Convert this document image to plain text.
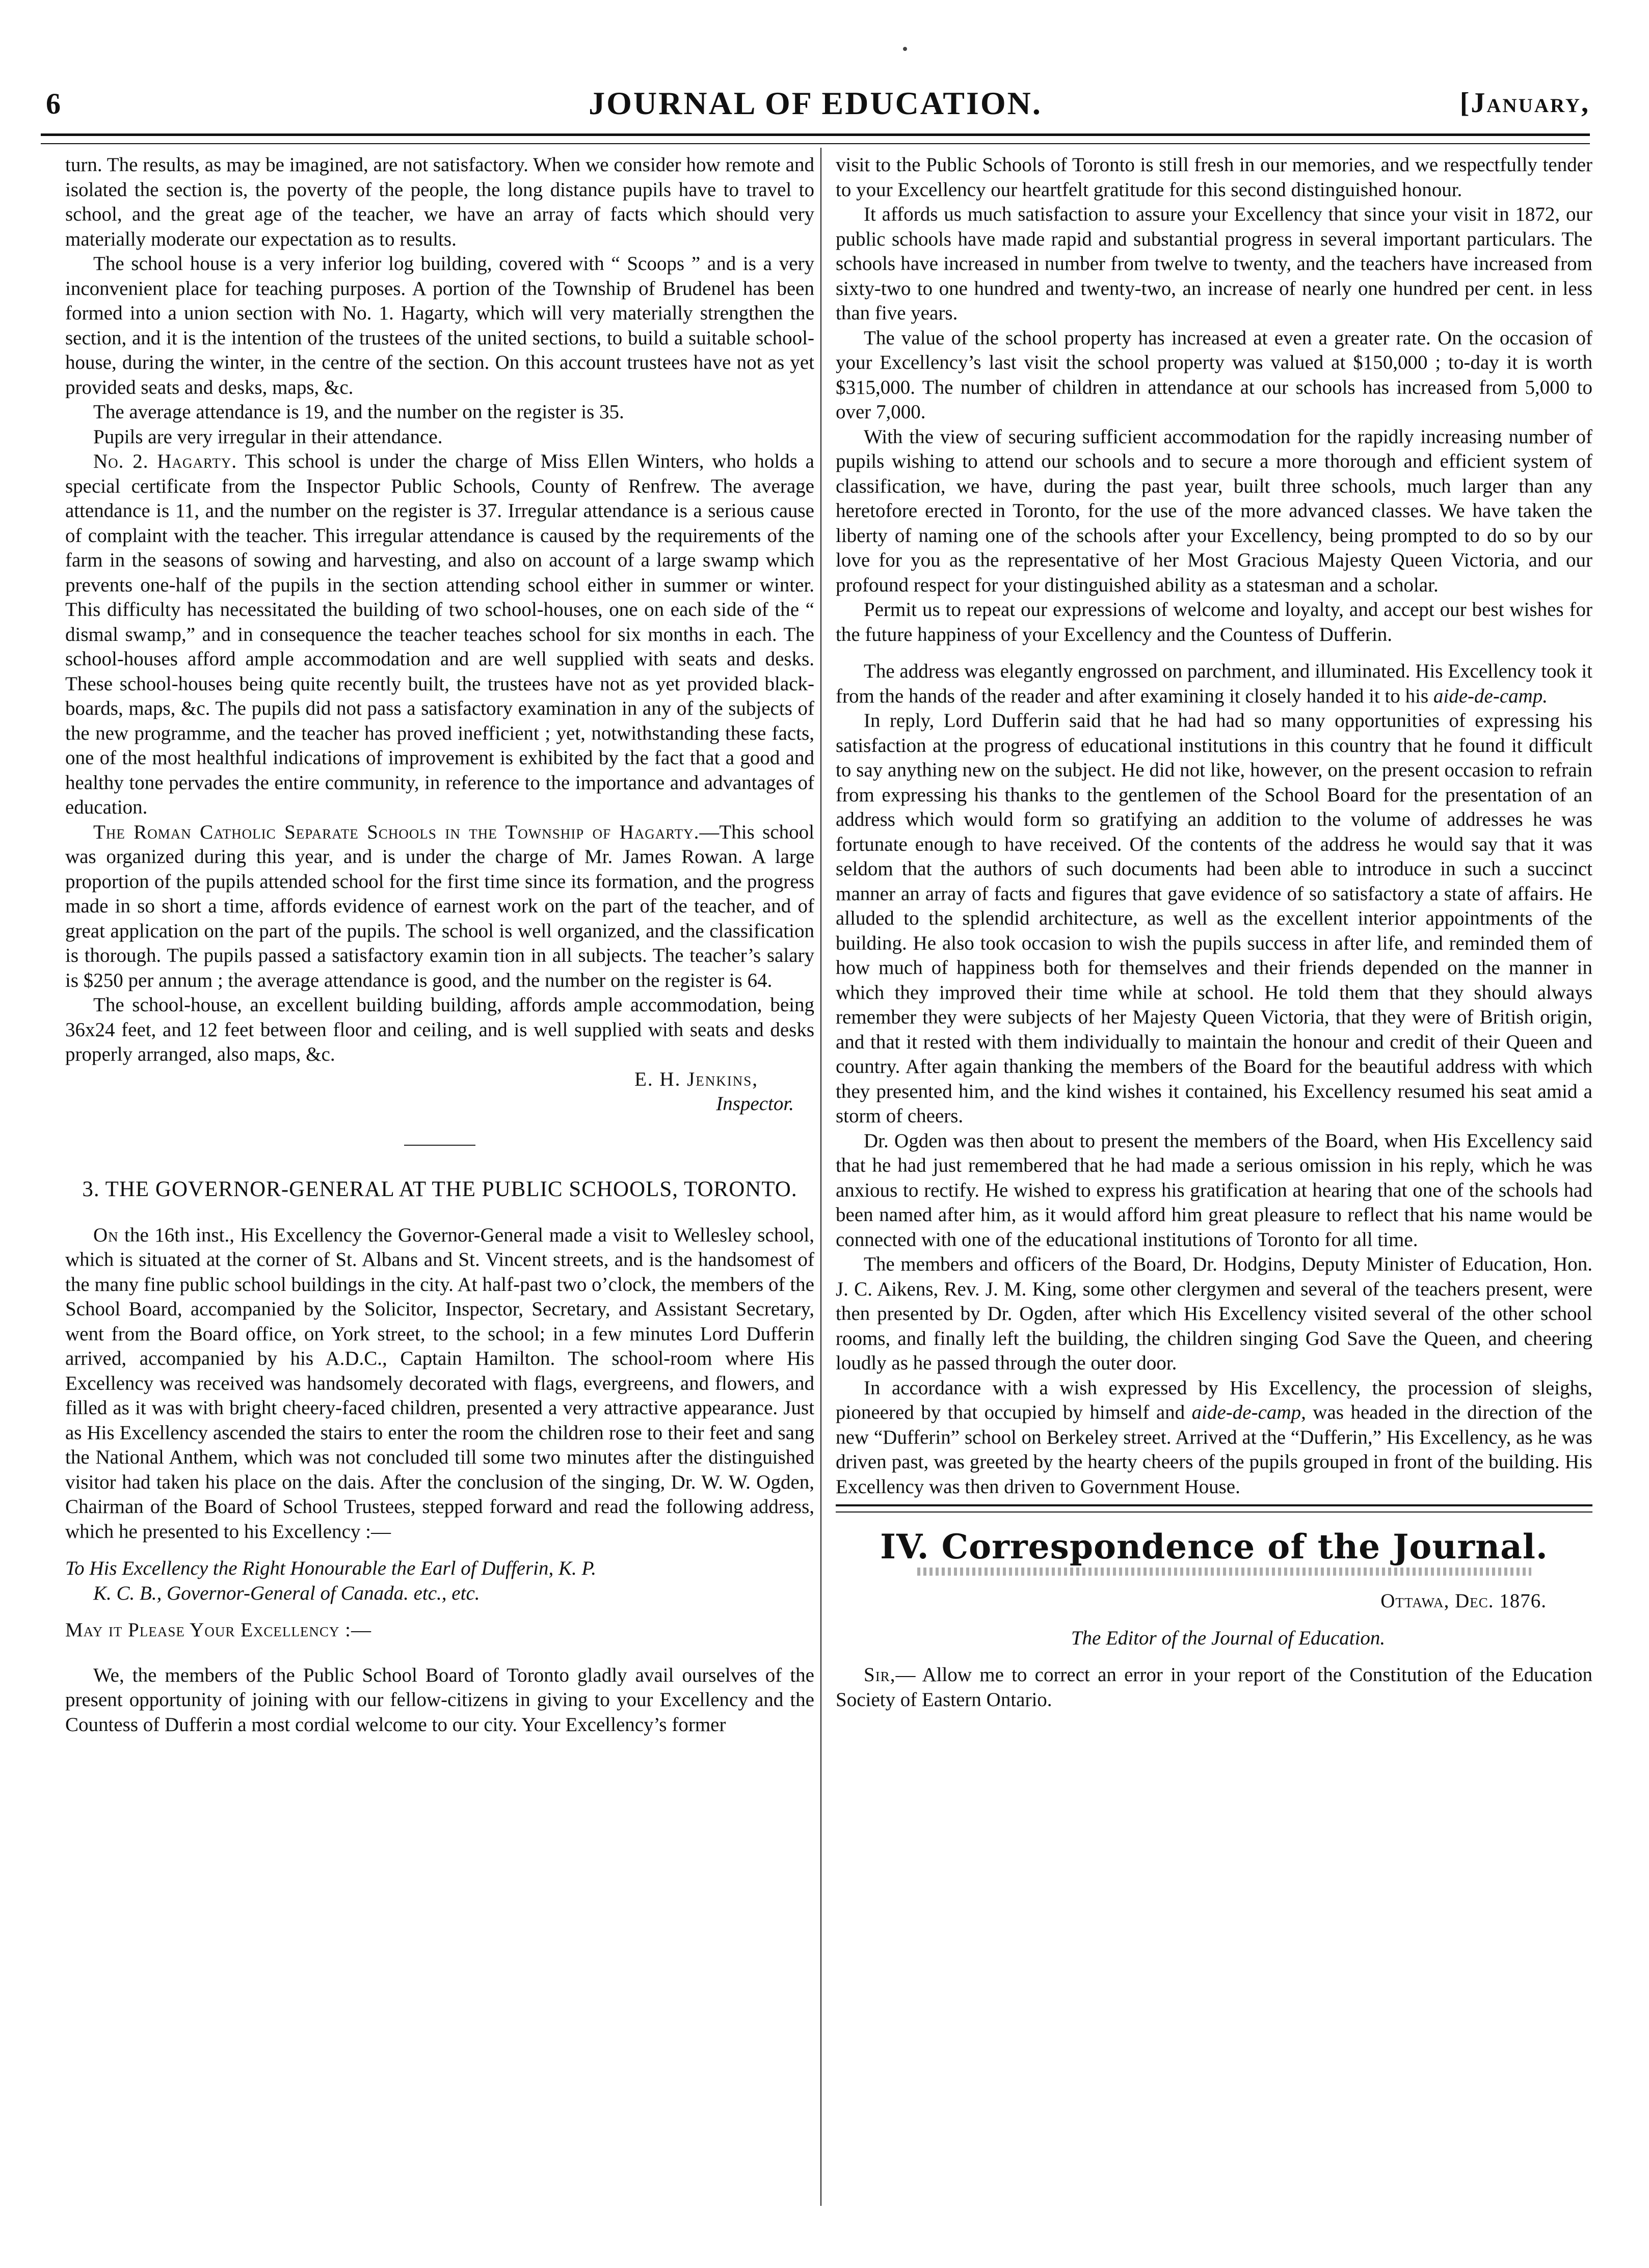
6	JOURNAL OF EDUCATION.	[January,

turn. The results, as may be imagined, are not satisfactory. When we consider how remote and isolated the section is, the poverty of the people, the long distance pupils have to travel to school, and the great age of the teacher, we have an array of facts which should very materially moderate our expectation as to results.

The school house is a very inferior log building, covered with “ Scoops ” and is a very inconvenient place for teaching purposes. A portion of the Township of Brudenel has been formed into a union section with No. 1. Hagarty, which will very materially strengthen the section, and it is the intention of the trustees of the united sections, to build a suitable school-house, during the winter, in the centre of the section. On this account trustees have not as yet provided seats and desks, maps, &c.

The average attendance is 19, and the number on the register is 35.

Pupils are very irregular in their attendance.

No. 2. Hagarty. This school is under the charge of Miss Ellen Winters, who holds a special certificate from the Inspector Public Schools, County of Renfrew. The average attendance is 11, and the number on the register is 37. Irregular attendance is a serious cause of complaint with the teacher. This irregular attendance is caused by the requirements of the farm in the seasons of sowing and harvesting, and also on account of a large swamp which prevents one-half of the pupils in the section attending school either in summer or winter. This difficulty has necessitated the building of two school-houses, one on each side of the “ dismal swamp,” and in consequence the teacher teaches school for six months in each. The school-houses afford ample accommodation and are well supplied with seats and desks. These school-houses being quite recently built, the trustees have not as yet provided black-boards, maps, &c. The pupils did not pass a satisfactory examination in any of the subjects of the new programme, and the teacher has proved inefficient ; yet, notwithstanding these facts, one of the most healthful indications of improvement is exhibited by the fact that a good and healthy tone pervades the entire community, in reference to the importance and advantages of education.

The Roman Catholic Separate Schools in the Township of Hagarty.—This school was organized during this year, and is under the charge of Mr. James Rowan. A large proportion of the pupils attended school for the first time since its formation, and the progress made in so short a time, affords evidence of earnest work on the part of the teacher, and of great application on the part of the pupils. The school is well organized, and the classification is thorough. The pupils passed a satisfactory examin tion in all subjects. The teacher’s salary is $250 per annum ; the average attendance is good, and the number on the register is 64.

The school-house, an excellent building building, affords ample accommodation, being 36x24 feet, and 12 feet between floor and ceiling, and is well supplied with seats and desks properly arranged, also maps, &c.

E. H. Jenkins,
Inspector.
3. THE GOVERNOR-GENERAL AT THE PUBLIC SCHOOLS, TORONTO.

On the 16th inst., His Excellency the Governor-General made a visit to Wellesley school, which is situated at the corner of St. Albans and St. Vincent streets, and is the handsomest of the many fine public school buildings in the city. At half-past two o’clock, the members of the School Board, accompanied by the Solicitor, Inspector, Secretary, and Assistant Secretary, went from the Board office, on York street, to the school; in a few minutes Lord Dufferin arrived, accompanied by his A.D.C., Captain Hamilton. The school-room where His Excellency was received was handsomely decorated with flags, evergreens, and flowers, and filled as it was with bright cheery-faced children, presented a very attractive appearance. Just as His Excellency ascended the stairs to enter the room the children rose to their feet and sang the National Anthem, which was not concluded till some two minutes after the distinguished visitor had taken his place on the dais. After the conclusion of the singing, Dr. W. W. Ogden, Chairman of the Board of School Trustees, stepped forward and read the following address, which he presented to his Excellency :—

To His Excellency the Right Honourable the Earl of Dufferin, K. P.
K. C. B., Governor-General of Canada. etc., etc.

May it Please Your Excellency :—

We, the members of the Public School Board of Toronto gladly avail ourselves of the present opportunity of joining with our fellow-citizens in giving to your Excellency and the Countess of Dufferin a most cordial welcome to our city. Your Excellency’s former

visit to the Public Schools of Toronto is still fresh in our memories, and we respectfully tender to your Excellency our heartfelt gratitude for this second distinguished honour.

It affords us much satisfaction to assure your Excellency that since your visit in 1872, our public schools have made rapid and substantial progress in several important particulars. The schools have increased in number from twelve to twenty, and the teachers have increased from sixty-two to one hundred and twenty-two, an increase of nearly one hundred per cent. in less than five years.

The value of the school property has increased at even a greater rate. On the occasion of your Excellency’s last visit the school property was valued at $150,000 ; to-day it is worth $315,000. The number of children in attendance at our schools has increased from 5,000 to over 7,000.

With the view of securing sufficient accommodation for the rapidly increasing number of pupils wishing to attend our schools and to secure a more thorough and efficient system of classification, we have, during the past year, built three schools, much larger than any heretofore erected in Toronto, for the use of the more advanced classes. We have taken the liberty of naming one of the schools after your Excellency, being prompted to do so by our love for you as the representative of her Most Gracious Majesty Queen Victoria, and our profound respect for your distinguished ability as a statesman and a scholar.

Permit us to repeat our expressions of welcome and loyalty, and accept our best wishes for the future happiness of your Excellency and the Countess of Dufferin.

The address was elegantly engrossed on parchment, and illuminated. His Excellency took it from the hands of the reader and after examining it closely handed it to his aide-de-camp.

In reply, Lord Dufferin said that he had had so many opportunities of expressing his satisfaction at the progress of educational institutions in this country that he found it difficult to say anything new on the subject. He did not like, however, on the present occasion to refrain from expressing his thanks to the gentlemen of the School Board for the presentation of an address which would form so gratifying an addition to the volume of addresses he was fortunate enough to have received. Of the contents of the address he would say that it was seldom that the authors of such documents had been able to introduce in such a succinct manner an array of facts and figures that gave evidence of so satisfactory a state of affairs. He alluded to the splendid architecture, as well as the excellent interior appointments of the building. He also took occasion to wish the pupils success in after life, and reminded them of how much of happiness both for themselves and their friends depended on the manner in which they improved their time while at school. He told them that they should always remember they were subjects of her Majesty Queen Victoria, that they were of British origin, and that it rested with them individually to maintain the honour and credit of their Queen and country. After again thanking the members of the Board for the beautiful address with which they presented him, and the kind wishes it contained, his Excellency resumed his seat amid a storm of cheers.

Dr. Ogden was then about to present the members of the Board, when His Excellency said that he had just remembered that he had made a serious omission in his reply, which he was anxious to rectify. He wished to express his gratification at hearing that one of the schools had been named after him, as it would afford him great pleasure to reflect that his name would be connected with one of the educational institutions of Toronto for all time.

The members and officers of the Board, Dr. Hodgins, Deputy Minister of Education, Hon. J. C. Aikens, Rev. J. M. King, some other clergymen and several of the teachers present, were then presented by Dr. Ogden, after which His Excellency visited several of the other school rooms, and finally left the building, the children singing God Save the Queen, and cheering loudly as he passed through the outer door.

In accordance with a wish expressed by His Excellency, the procession of sleighs, pioneered by that occupied by himself and aide-de-camp, was headed in the direction of the new “Dufferin” school on Berkeley street. Arrived at the “Dufferin,” His Excellency, as he was driven past, was greeted by the hearty cheers of the pupils grouped in front of the building. His Excellency was then driven to Government House.

IV. Correspondence of the Journal.

Ottawa, Dec. 1876.

The Editor of the Journal of Education.

Sir,— Allow me to correct an error in your report of the Constitution of the Education Society of Eastern Ontario.
